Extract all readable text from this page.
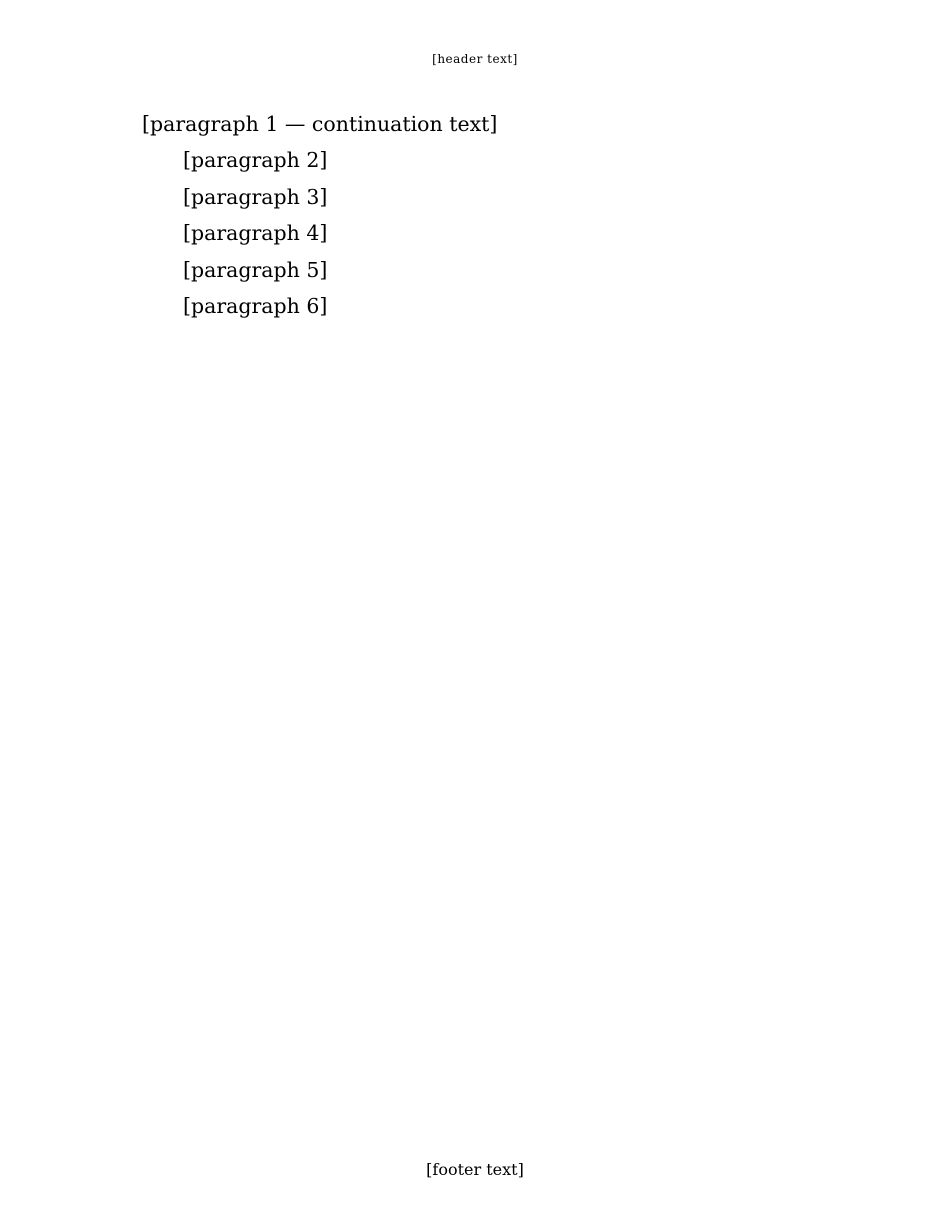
[header text]

[paragraph 1 — continuation text]

[paragraph 2]

[paragraph 3]

[paragraph 4]

[paragraph 5]

[paragraph 6]

[footer text]
